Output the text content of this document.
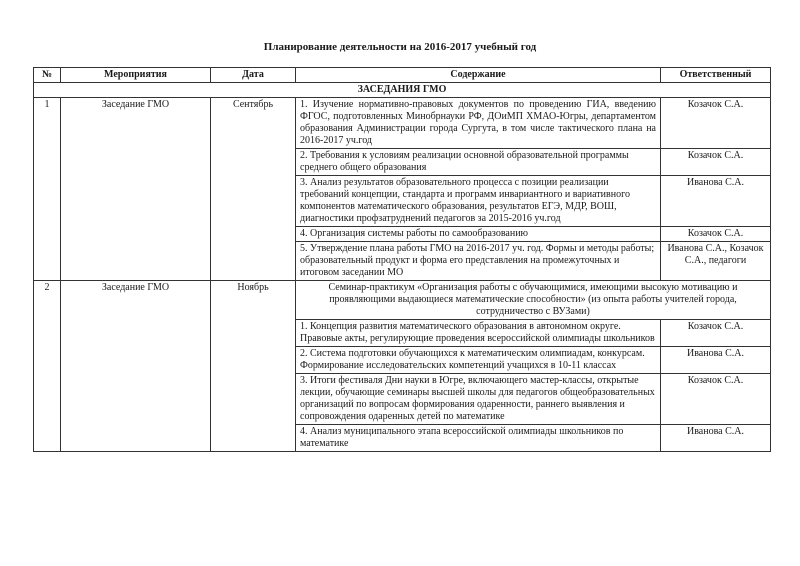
Планирование деятельности на 2016-2017 учебный год
№	Мероприятия	Дата	Содержание	Ответственный
ЗАСЕДАНИЯ ГМО				
1	Заседание ГМО	Сентябрь	1. Изучение нормативно-правовых документов по проведению ГИА, введению ФГОС, подготовленных Минобрнауки РФ, ДОиМП ХМАО-Югры, департаментом образования Администрации города Сургута, в том числе тактического плана на 2016-2017 уч.год	Козачок С.А.
			2. Требования к условиям реализации основной образовательной программы среднего общего образования	Козачок С.А.
			3. Анализ результатов образовательного процесса с позиции реализации требований концепции, стандарта и программ инвариантного и вариативного компонентов математического образования, результатов ЕГЭ, МДР, ВОШ, диагностики профзатруднений педагогов за 2015-2016 уч.год	Иванова С.А.
			4. Организация системы работы по самообразованию	Козачок С.А.
			5. Утверждение плана работы ГМО на 2016-2017 уч. год. Формы и методы работы; образовательный продукт и форма его представления на промежуточных и итоговом заседании МО	Иванова С.А., Козачок С.А., педагоги
2	Заседание ГМО	Ноябрь	Семинар-практикум «Организация работы с обучающимися, имеющими высокую мотивацию и проявляющими выдающиеся математические способности» (из опыта работы учителей города, сотрудничество с ВУЗами)	
			1. Концепция развития математического образования в автономном округе. Правовые акты, регулирующие проведения всероссийской олимпиады школьников	Козачок С.А.
			2. Система подготовки обучающихся к математическим олимпиадам, конкурсам. Формирование исследовательских компетенций учащихся в 10-11 классах	Иванова С.А.
			3. Итоги фестиваля Дни науки в Югре, включающего мастер-классы, открытые лекции, обучающие семинары высшей школы для педагогов общеобразовательных организаций по вопросам формирования одаренности, раннего выявления и сопровождения одаренных детей по математике	Козачок С.А.
			4. Анализ муниципального этапа всероссийской олимпиады школьников по математике	Иванова С.А.
